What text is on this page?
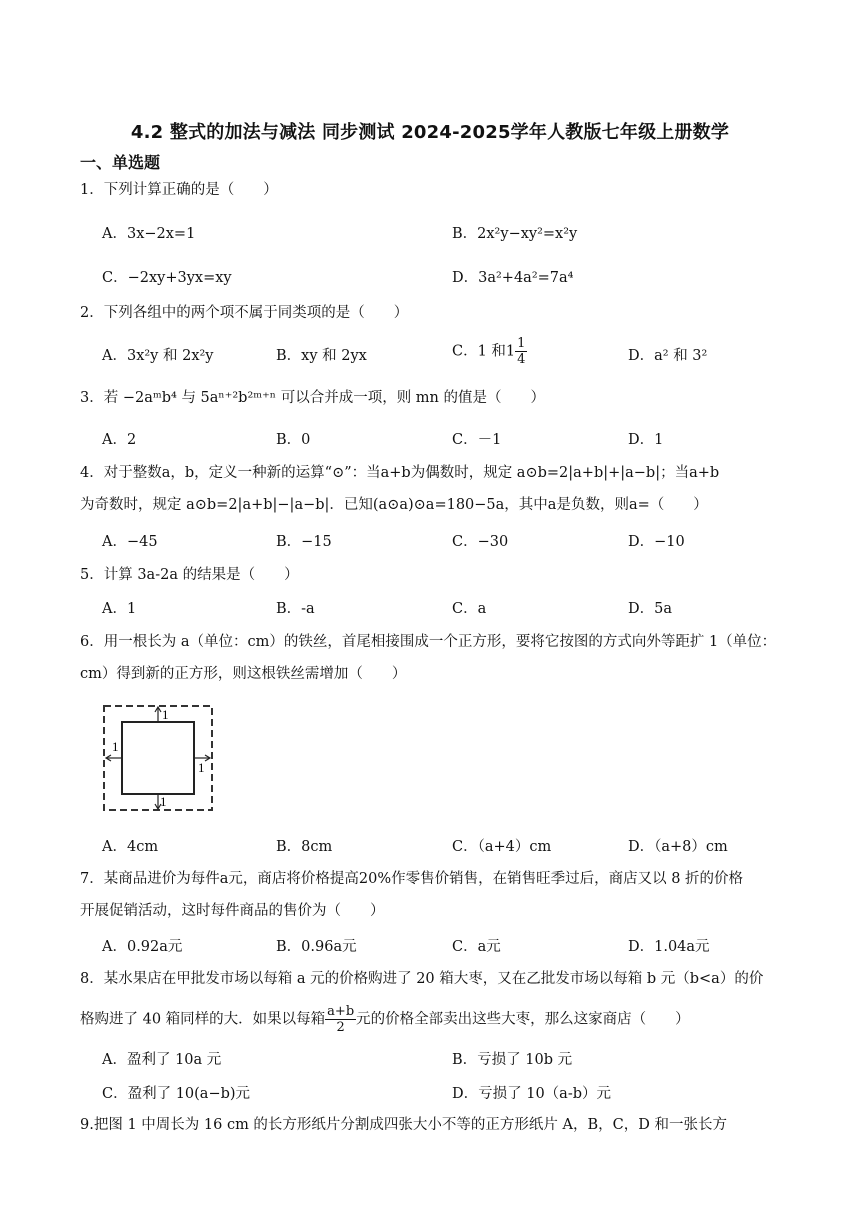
4.2 整式的加法与减法 同步测试 2024-2025学年人教版七年级上册数学
一、单选题
1．下列计算正确的是（　　）
A．3x−2x=1	B．2x²y−xy²=x²y
C．−2xy+3yx=xy	D．3a²+4a²=7a⁴
2．下列各组中的两个项不属于同类项的是（　　）
A．3x²y 和 2x²y	B．xy 和 2yx	C．1 和$1 \frac{1}{4}$	D．a² 和 3²
3．若 −2aᵐb⁴ 与 5aⁿ⁺²b²ᵐ⁺ⁿ 可以合并成一项，则 mn 的值是（　　）
A．2	B．0	C．－1	D．1
4．对于整数a，b，定义一种新的运算“⊙”：当a+b为偶数时，规定 a⊙b=2|a+b|+|a−b|；当a+b
为奇数时，规定 a⊙b=2|a+b|−|a−b|．已知(a⊙a)⊙a=180−5a，其中a是负数，则a=（　　）
A．−45	B．−15	C．−30	D．−10
5．计算 3a-2a 的结果是（　　）
A．1	B．-a	C．a	D．5a
6．用一根长为 a（单位：cm）的铁丝，首尾相接围成一个正方形，要将它按图的方式向外等距扩 1（单位：
cm）得到新的正方形，则这根铁丝需增加（　　）
1
1
1
1
A．4cm	B．8cm	C．（a+4）cm	D．（a+8）cm
7．某商品进价为每件a元，商店将价格提高20%作零售价销售，在销售旺季过后，商店又以 8 折的价格
开展促销活动，这时每件商品的售价为（　　）
A．0.92a元	B．0.96a元	C．a元	D．1.04a元
8．某水果店在甲批发市场以每箱 a 元的价格购进了 20 箱大枣，又在乙批发市场以每箱 b 元（b<a）的价
格购进了 40 箱同样的大．如果以每箱 $\frac{a+b}{2}$ 元的价格全部卖出这些大枣，那么这家商店（　　）
A．盈利了 10a 元	B．亏损了 10b 元
C．盈利了 10(a−b)元	D．亏损了 10（a-b）元
9.把图 1 中周长为 16 cm 的长方形纸片分割成四张大小不等的正方形纸片 A，B，C，D 和一张长方
